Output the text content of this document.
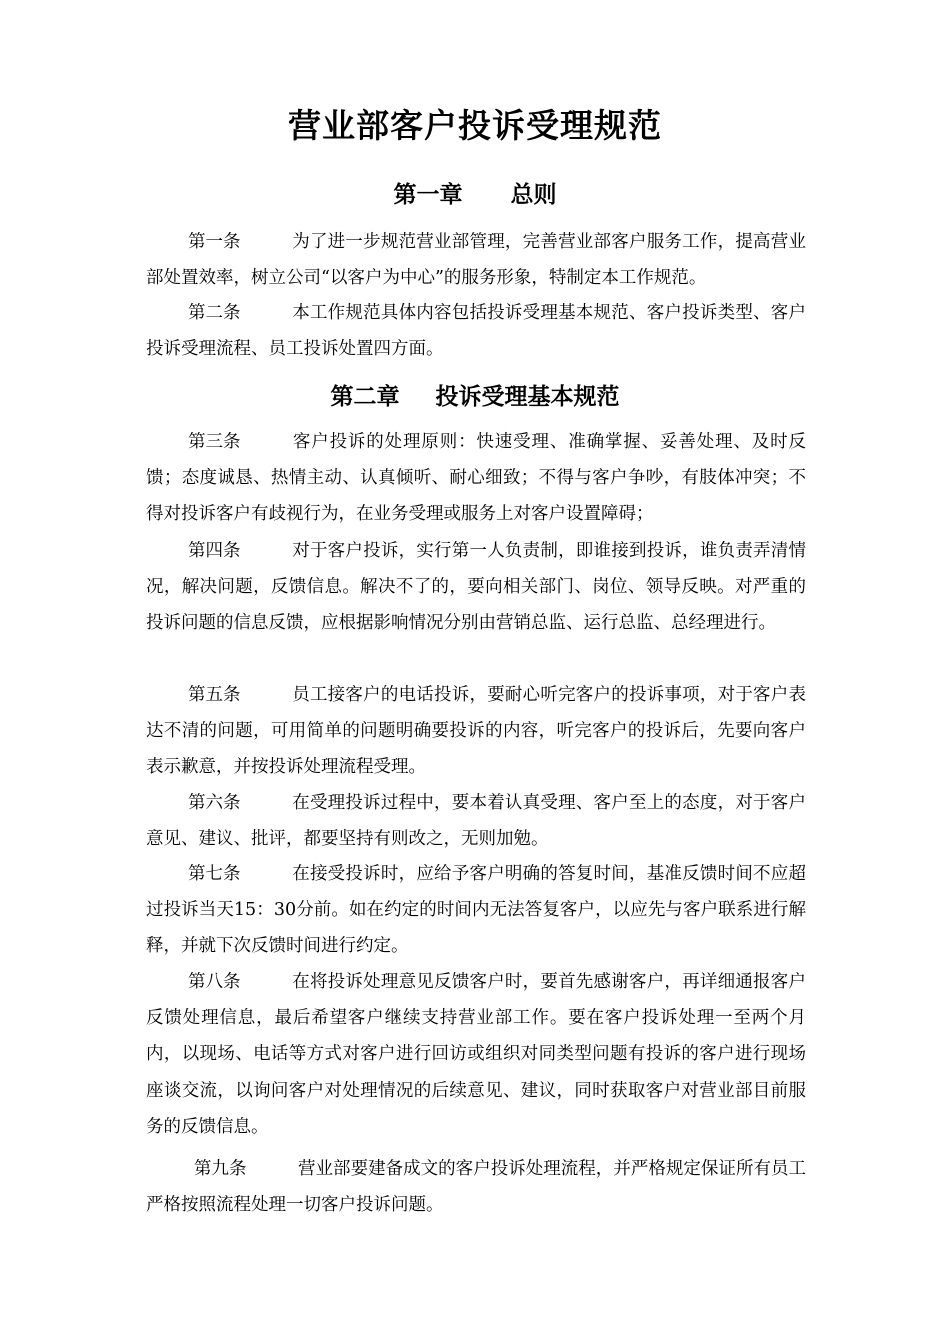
营业部客户投诉受理规范
第一章 总则
第一条	为了进一步规范营业部管理，完善营业部客户服务工作，提高营业部处置效率，树立公司“以客户为中心”的服务形象，特制定本工作规范。
第二条	本工作规范具体内容包括投诉受理基本规范、客户投诉类型、客户投诉受理流程、员工投诉处置四方面。
第二章 投诉受理基本规范
第三条	客户投诉的处理原则：快速受理、准确掌握、妥善处理、及时反馈；态度诚恳、热情主动、认真倾听、耐心细致；不得与客户争吵，有肢体冲突；不得对投诉客户有歧视行为，在业务受理或服务上对客户设置障碍；
第四条	对于客户投诉，实行第一人负责制，即谁接到投诉，谁负责弄清情况，解决问题，反馈信息。解决不了的，要向相关部门、岗位、领导反映。对严重的投诉问题的信息反馈，应根据影响情况分别由营销总监、运行总监、总经理进行。
第五条	员工接客户的电话投诉，要耐心听完客户的投诉事项，对于客户表达不清的问题，可用简单的问题明确要投诉的内容，听完客户的投诉后，先要向客户表示歉意，并按投诉处理流程受理。
第六条	在受理投诉过程中，要本着认真受理、客户至上的态度，对于客户意见、建议、批评，都要坚持有则改之，无则加勉。
第七条	在接受投诉时，应给予客户明确的答复时间，基准反馈时间不应超过投诉当天15：30分前。如在约定的时间内无法答复客户，以应先与客户联系进行解释，并就下次反馈时间进行约定。
第八条	在将投诉处理意见反馈客户时，要首先感谢客户，再详细通报客户反馈处理信息，最后希望客户继续支持营业部工作。要在客户投诉处理一至两个月内，以现场、电话等方式对客户进行回访或组织对同类型问题有投诉的客户进行现场座谈交流，以询问客户对处理情况的后续意见、建议，同时获取客户对营业部目前服务的反馈信息。
第九条	营业部要建备成文的客户投诉处理流程，并严格规定保证所有员工严格按照流程处理一切客户投诉问题。
